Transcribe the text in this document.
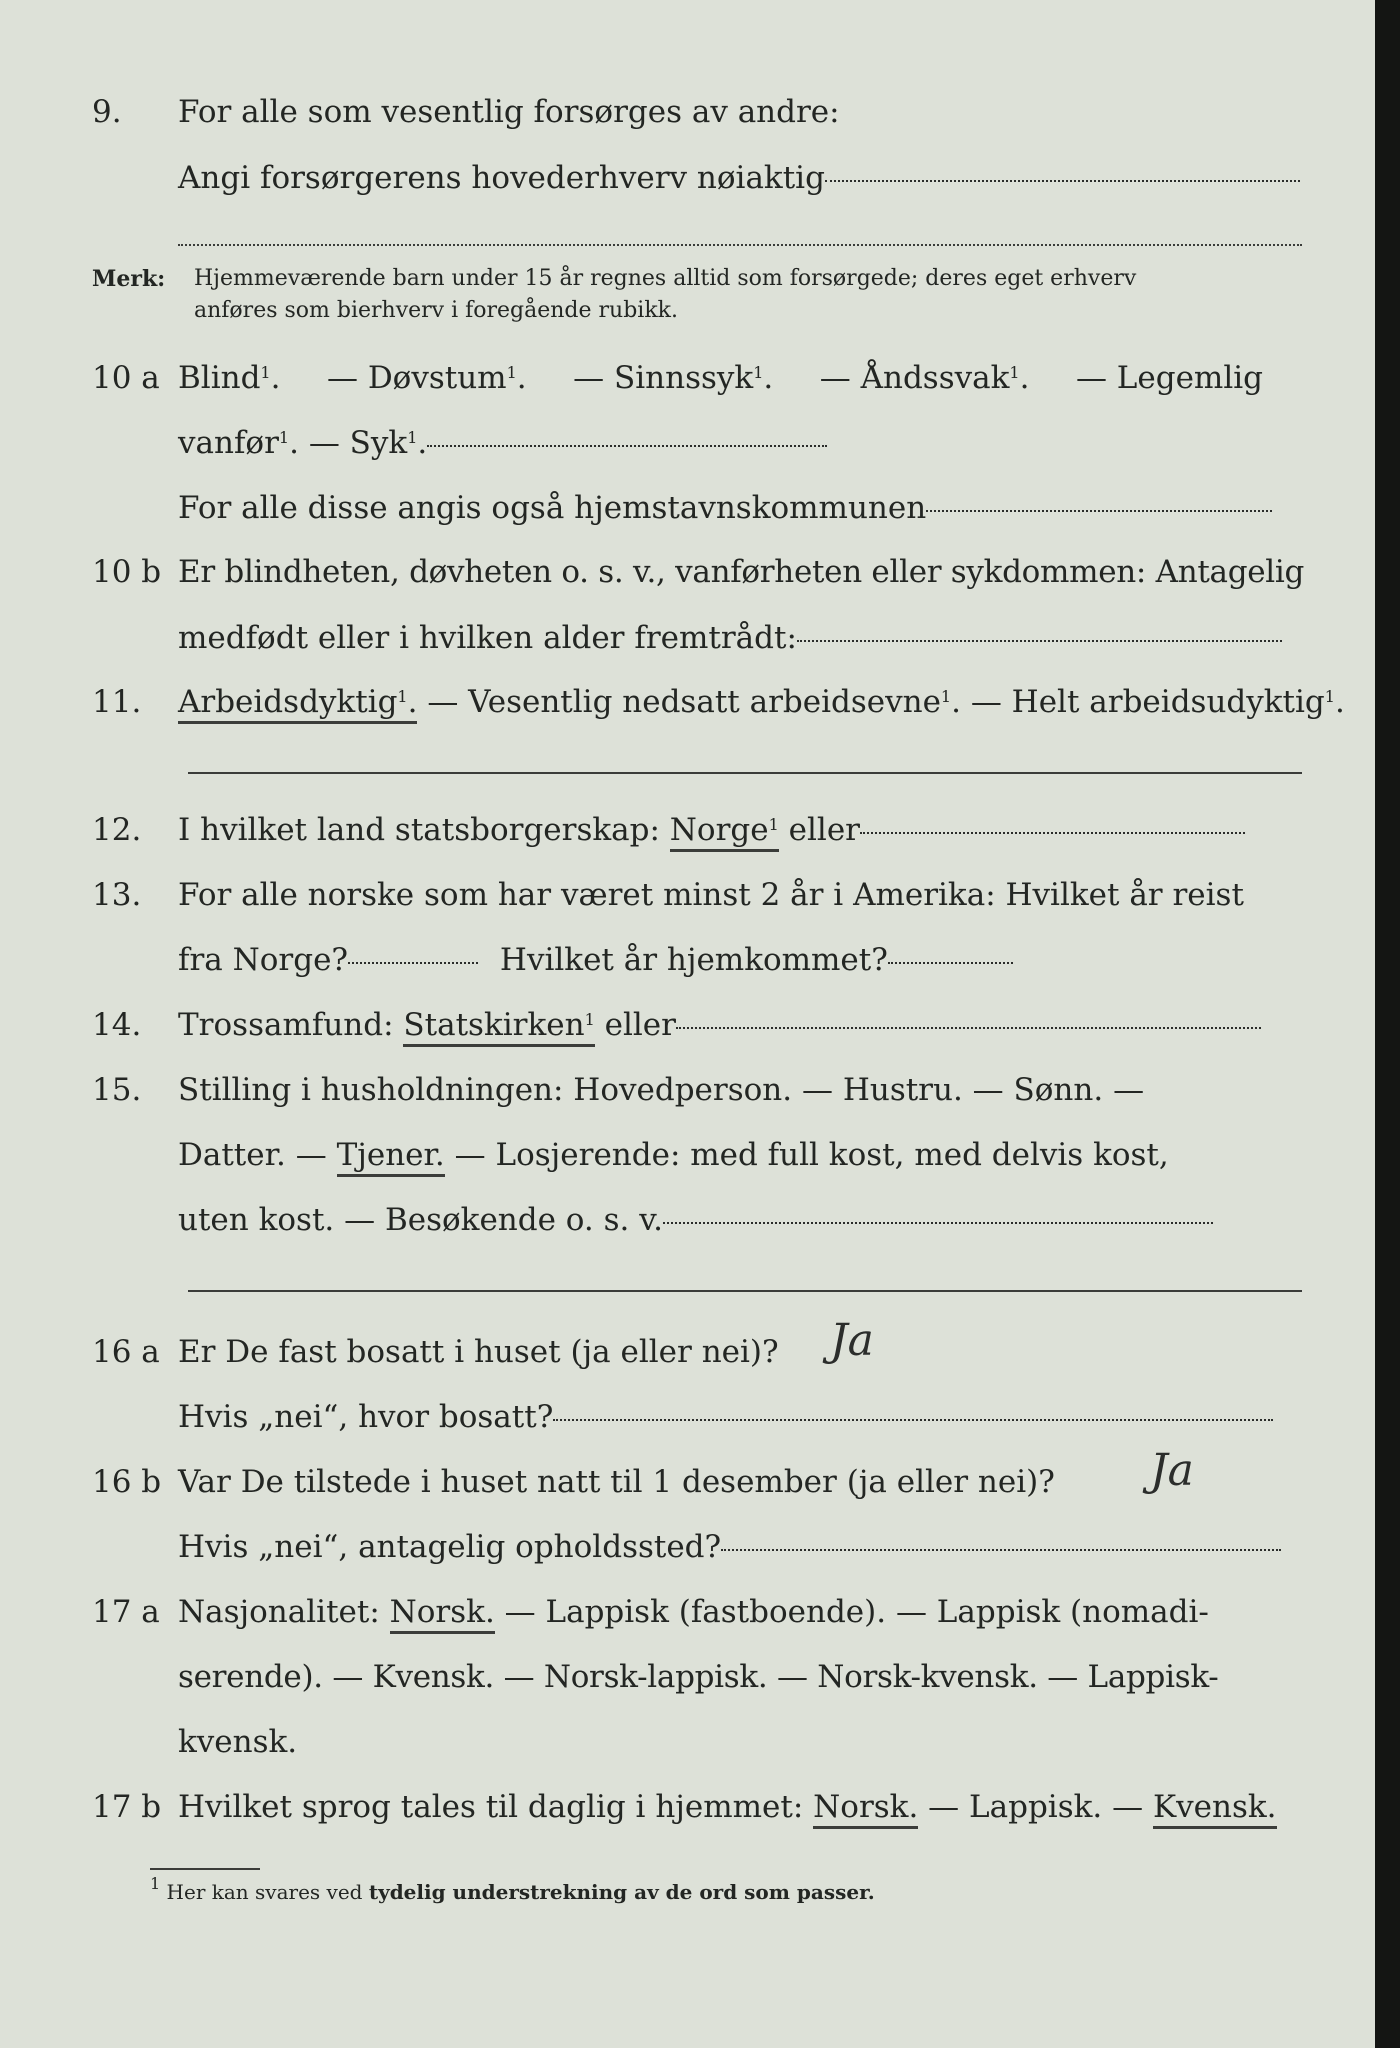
9. For alle som vesentlig forsørges av andre:
Angi forsørgerens hovederhverv nøiaktig
Merk: Hjemmeværende barn under 15 år regnes alltid som forsørgede; deres eget erhverv
anføres som bierhverv i foregående rubikk.
10 a Blind$^1$. — Døvstum$^1$. — Sinnssyk$^1$. — Åndssvak$^1$. — Legemlig
vanfør$^1$. — Syk$^1$.
For alle disse angis også hjemstavnskommunen
10 b Er blindheten, døvheten o. s. v., vanførheten eller sykdommen: Antagelig
medfødt eller i hvilken alder fremtrådt:
11. Arbeidsdyktig$^1$. — Vesentlig nedsatt arbeidsevne$^1$. — Helt arbeidsudyktig$^1$.
12. I hvilket land statsborgerskap: Norge$^1$ eller
13. For alle norske som har været minst 2 år i Amerika: Hvilket år reist
fra Norge?	Hvilket år hjemkommet?
14. Trossamfund: Statskirken$^1$ eller
15. Stilling i husholdningen: Hovedperson. — Hustru. — Sønn. —
Datter. — Tjener. — Losjerende: med full kost, med delvis kost,
uten kost. — Besøkende o. s. v.
16 a Er De fast bosatt i huset (ja eller nei)?	Ja
Hvis „nei“, hvor bosatt?
16 b Var De tilstede i huset natt til 1 desember (ja eller nei)?	Ja
Hvis „nei“, antagelig opholdssted?
17 a Nasjonalitet: Norsk. — Lappisk (fastboende). — Lappisk (nomadi-
serende). — Kvensk. — Norsk-lappisk. — Norsk-kvensk. — Lappisk-
kvensk.
17 b Hvilket sprog tales til daglig i hjemmet: Norsk. — Lappisk. — Kvensk.
$^1$ Her kan svares ved tydelig understrekning av de ord som passer.
